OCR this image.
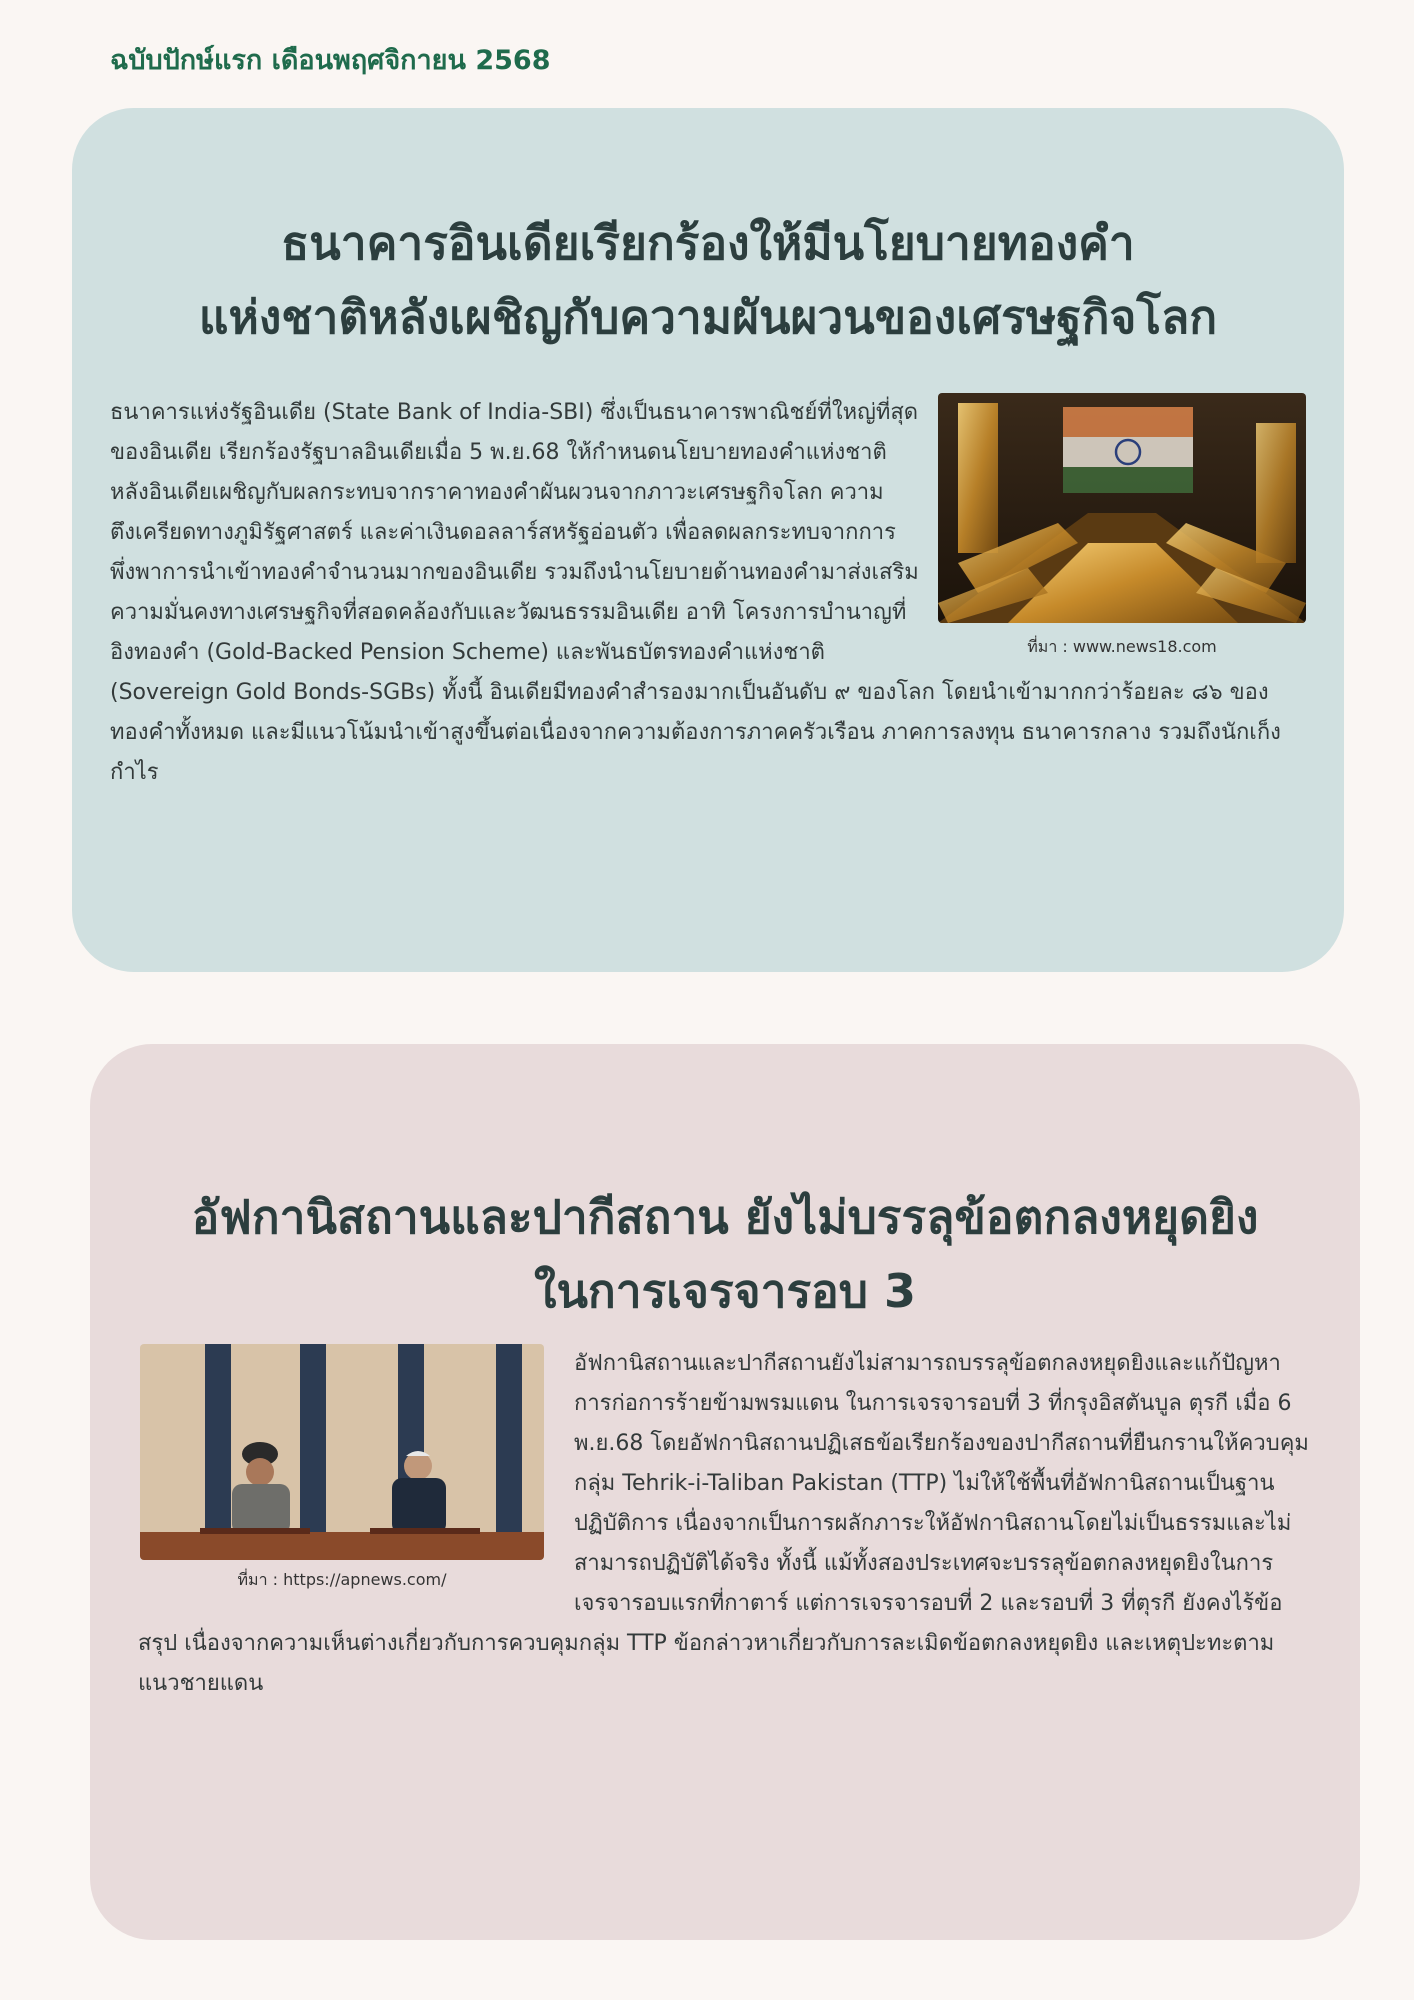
ฉบับปักษ์แรก เดือนพฤศจิกายน 2568

ธนาคารอินเดียเรียกร้องให้มีนโยบายทองคำ
แห่งชาติหลังเผชิญกับความผันผวนของเศรษฐกิจโลก
ที่มา : www.news18.com
ธนาคารแห่งรัฐอินเดีย (State Bank of India-SBI) ซึ่งเป็นธนาคารพาณิชย์ที่ใหญ่ที่สุดของอินเดีย เรียกร้องรัฐบาลอินเดียเมื่อ 5 พ.ย.68 ให้กำหนดนโยบายทองคำแห่งชาติ หลังอินเดียเผชิญกับผลกระทบจากราคาทองคำผันผวนจากภาวะเศรษฐกิจโลก ความตึงเครียดทางภูมิรัฐศาสตร์ และค่าเงินดอลลาร์สหรัฐอ่อนตัว เพื่อลดผลกระทบจากการพึ่งพาการนำเข้าทองคำจำนวนมากของอินเดีย รวมถึงนำนโยบายด้านทองคำมาส่งเสริมความมั่นคงทางเศรษฐกิจที่สอดคล้องกับและวัฒนธรรมอินเดีย อาทิ โครงการบำนาญที่อิงทองคำ (Gold-Backed Pension Scheme) และพันธบัตรทองคำแห่งชาติ (Sovereign Gold Bonds-SGBs) ทั้งนี้ อินเดียมีทองคำสำรองมากเป็นอันดับ ๙ ของโลก โดยนำเข้ามากกว่าร้อยละ ๘๖ ของทองคำทั้งหมด และมีแนวโน้มนำเข้าสูงขึ้นต่อเนื่องจากความต้องการภาคครัวเรือน ภาคการลงทุน ธนาคารกลาง รวมถึงนักเก็งกำไร
อัฟกานิสถานและปากีสถาน ยังไม่บรรลุข้อตกลงหยุดยิง
ในการเจรจารอบ 3
ที่มา : https://apnews.com/
อัฟกานิสถานและปากีสถานยังไม่สามารถบรรลุข้อตกลงหยุดยิงและแก้ปัญหาการก่อการร้ายข้ามพรมแดน ในการเจรจารอบที่ 3 ที่กรุงอิสตันบูล ตุรกี เมื่อ 6 พ.ย.68 โดยอัฟกานิสถานปฏิเสธข้อเรียกร้องของปากีสถานที่ยืนกรานให้ควบคุมกลุ่ม Tehrik-i-Taliban Pakistan (TTP) ไม่ให้ใช้พื้นที่อัฟกานิสถานเป็นฐานปฏิบัติการ เนื่องจากเป็นการผลักภาระให้อัฟกานิสถานโดยไม่เป็นธรรมและไม่สามารถปฏิบัติได้จริง ทั้งนี้ แม้ทั้งสองประเทศจะบรรลุข้อตกลงหยุดยิงในการเจรจารอบแรกที่กาตาร์ แต่การเจรจารอบที่ 2 และรอบที่ 3 ที่ตุรกี ยังคงไร้ข้อสรุป เนื่องจากความเห็นต่างเกี่ยวกับการควบคุมกลุ่ม TTP ข้อกล่าวหาเกี่ยวกับการละเมิดข้อตกลงหยุดยิง และเหตุปะทะตามแนวชายแดน
